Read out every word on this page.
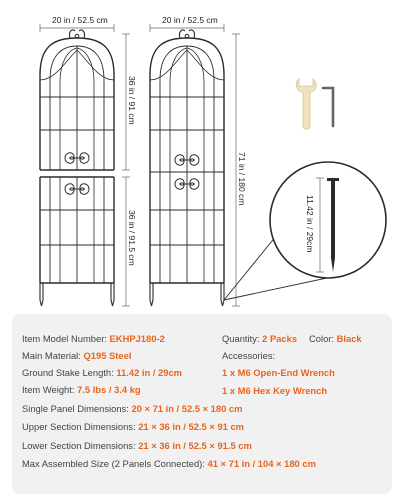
20 in / 52.5 cm	20 in / 52.5 cm
36 in / 91 cm
36 in / 91.5 cm
71 in / 180 cm
11.42 in / 29cm
Item Model Number: EKHPJ180-2
Main Material: Q195 Steel
Ground Stake Length: 11.42 in / 29cm
Item Weight: 7.5 lbs / 3.4 kg
Single Panel Dimensions: 20 × 71 in / 52.5 × 180 cm
Upper Section Dimensions: 21 × 36 in / 52.5 × 91 cm
Lower Section Dimensions: 21 × 36 in / 52.5 × 91.5 cm
Max Assembled Size (2 Panels Connected): 41 × 71 in / 104 × 180 cm
Quantity: 2 Packs Color: Black
Accessories:
1 x M6 Open-End Wrench
1 x M6 Hex Key Wrench
